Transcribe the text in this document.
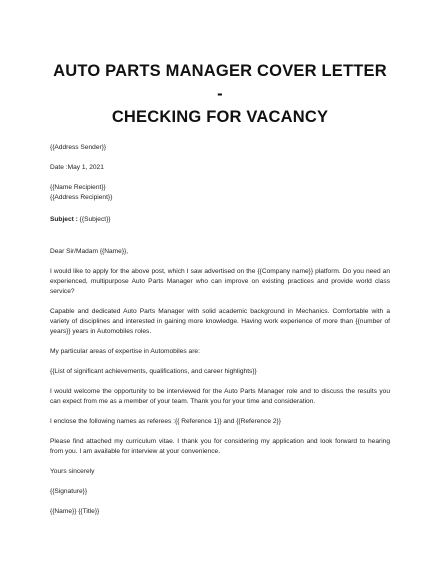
AUTO PARTS MANAGER COVER LETTER -
CHECKING FOR VACANCY

{{Address Sender}}

Date :May 1, 2021

{{Name Recipient}}

{{Address Recipient}}

Subject : {{Subject}}

Dear Sir/Madam {{Name}},

I would like to apply for the above post, which I saw advertised on the {{Company name}} platform. Do you need an experienced, multipurpose Auto Parts Manager who can improve on existing practices and provide world class service?

Capable and dedicated Auto Parts Manager with solid academic background in Mechanics. Comfortable with a variety of disciplines and interested in gaining more knowledge. Having work experience of more than {{number of years}} years in Automobiles roles.

My particular areas of expertise in Automobiles are:

{{List of significant achievements, qualifications, and career highlights}}

I would welcome the opportunity to be interviewed for the Auto Parts Manager role and to discuss the results you can expect from me as a member of your team. Thank you for your time and consideration.

I enclose the following names as referees :{{ Reference 1}} and {{Reference 2}}

Please find attached my curriculum vitae. I thank you for considering my application and look forward to hearing from you. I am available for interview at your convenience.

Yours sincerely

{{Signature}}

{{Name}} {{Title}}
